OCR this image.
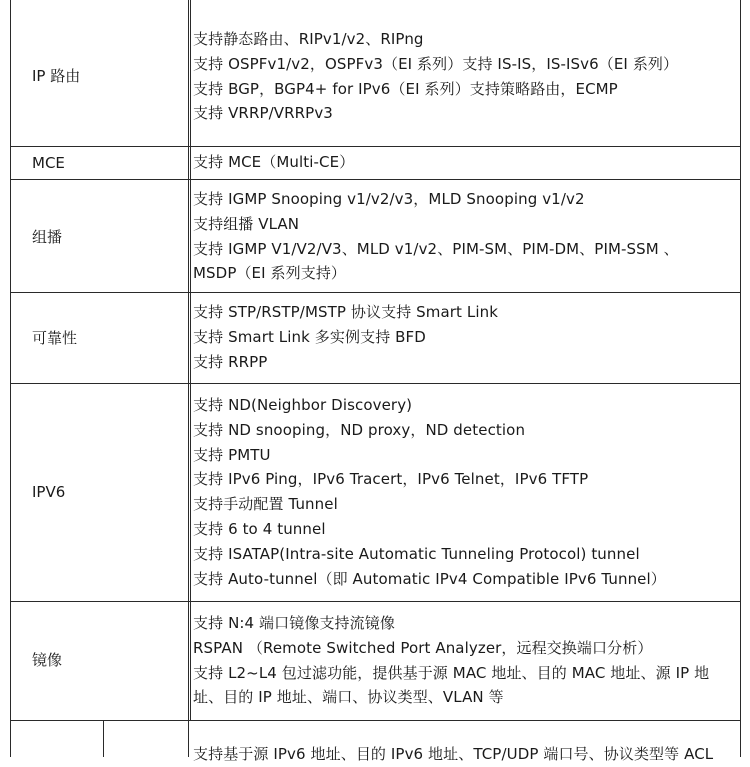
IP 路由
支持静态路由、RIPv1/v2、RIPng
支持 OSPFv1/v2，OSPFv3（EI 系列）支持 IS-IS，IS-ISv6（EI 系列）
支持 BGP，BGP4+ for IPv6（EI 系列）支持策略路由，ECMP
支持 VRRP/VRRPv3
MCE	支持 MCE（Multi-CE）
组播
支持 IGMP Snooping v1/v2/v3，MLD Snooping v1/v2
支持组播 VLAN
支持 IGMP V1/V2/V3、MLD v1/v2、PIM-SM、PIM-DM、PIM-SSM 、
MSDP（EI 系列支持）
可靠性
支持 STP/RSTP/MSTP 协议支持 Smart Link
支持 Smart Link 多实例支持 BFD
支持 RRPP
IPV6
支持 ND(Neighbor Discovery)
支持 ND snooping，ND proxy，ND detection
支持 PMTU
支持 IPv6 Ping，IPv6 Tracert，IPv6 Telnet，IPv6 TFTP
支持手动配置 Tunnel
支持 6 to 4 tunnel
支持 ISATAP(Intra-site Automatic Tunneling Protocol) tunnel
支持 Auto-tunnel（即 Automatic IPv4 Compatible IPv6 Tunnel）
镜像
支持 N:4 端口镜像支持流镜像
RSPAN （Remote Switched Port Analyzer，远程交换端口分析）
支持 L2~L4 包过滤功能，提供基于源 MAC 地址、目的 MAC 地址、源 IP 地
址、目的 IP 地址、端口、协议类型、VLAN 等
支持基于源 IPv6 地址、目的 IPv6 地址、TCP/UDP 端口号、协议类型等 ACL
